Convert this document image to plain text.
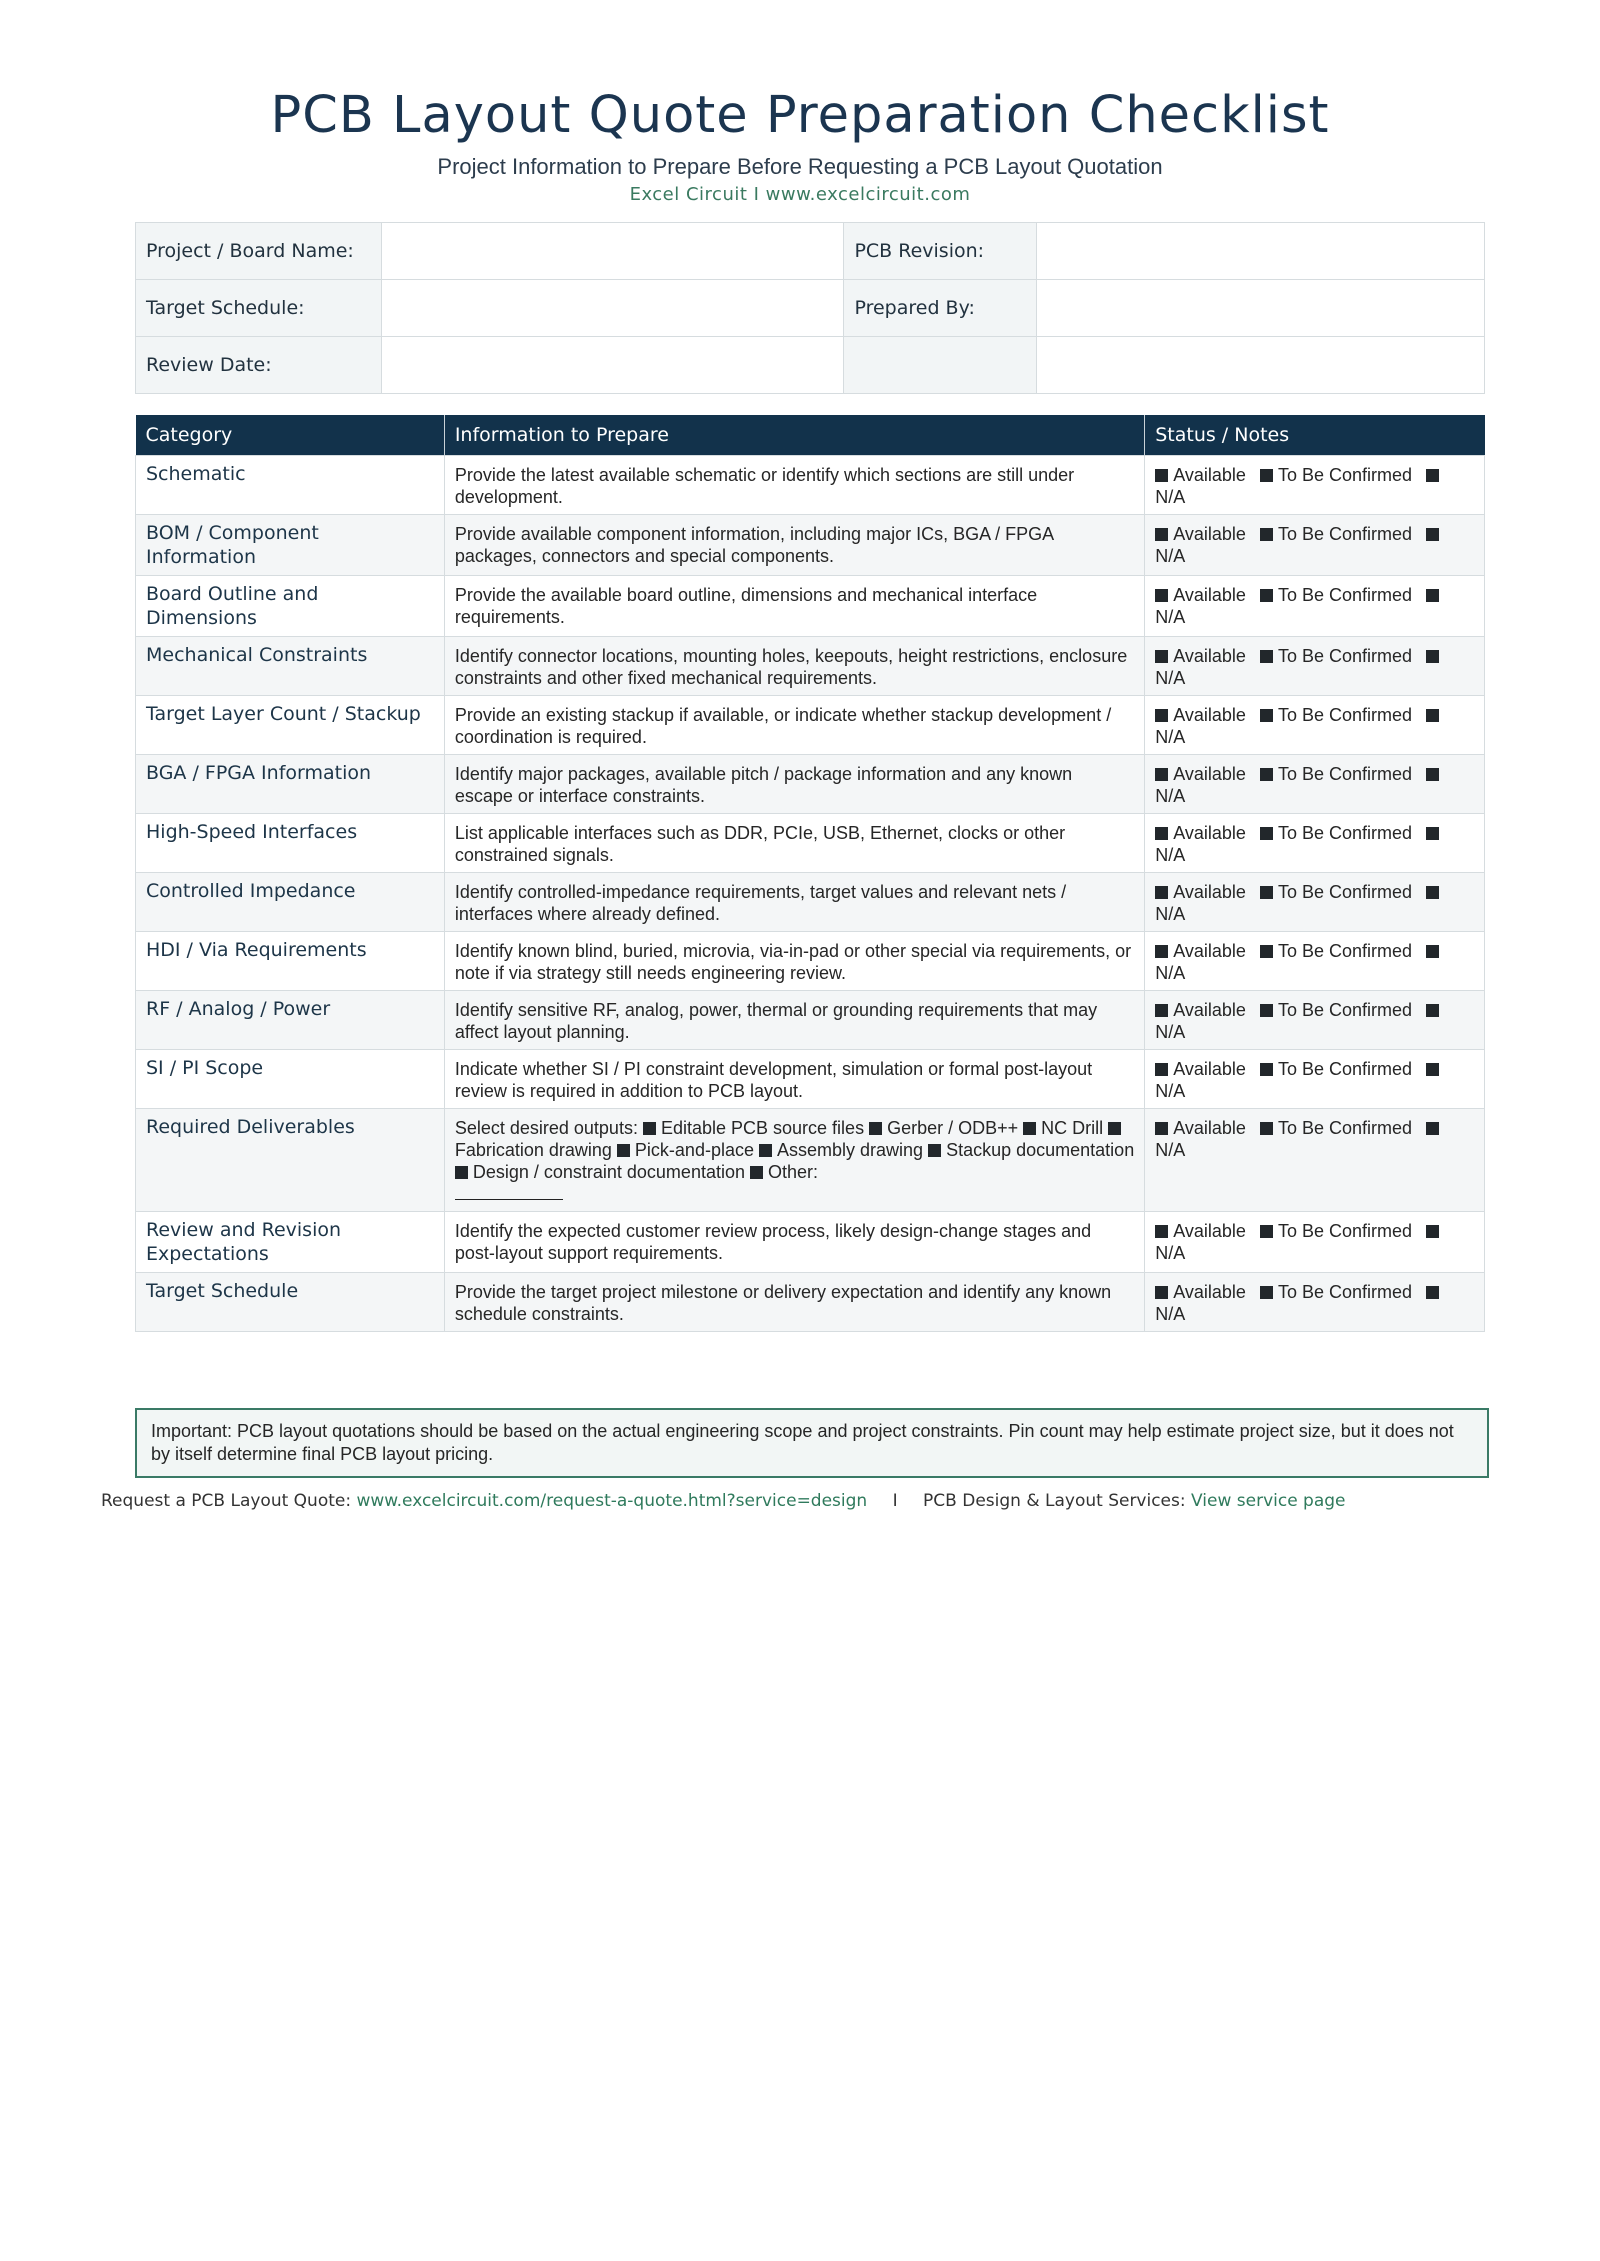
PCB Layout Quote Preparation Checklist
Project Information to Prepare Before Requesting a PCB Layout Quotation
Excel Circuit I www.excelcircuit.com
Project / Board Name:		PCB Revision:	
Target Schedule:		Prepared By:	
Review Date:			
Category	Information to Prepare	Status / Notes
Schematic	Provide the latest available schematic or identify which sections are still under development.	Available To Be ConfirmedN/A
BOM / Component Information	Provide available component information, including major ICs, BGA / FPGA packages, connectors and special components.	Available To Be ConfirmedN/A
Board Outline and Dimensions	Provide the available board outline, dimensions and mechanical interface requirements.	Available To Be ConfirmedN/A
Mechanical Constraints	Identify connector locations, mounting holes, keepouts, height restrictions, enclosure constraints and other fixed mechanical requirements.	Available To Be ConfirmedN/A
Target Layer Count / Stackup	Provide an existing stackup if available, or indicate whether stackup development / coordination is required.	Available To Be ConfirmedN/A
BGA / FPGA Information	Identify major packages, available pitch / package information and any known escape or interface constraints.	Available To Be ConfirmedN/A
High-Speed Interfaces	List applicable interfaces such as DDR, PCIe, USB, Ethernet, clocks or other constrained signals.	Available To Be ConfirmedN/A
Controlled Impedance	Identify controlled-impedance requirements, target values and relevant nets / interfaces where already defined.	Available To Be ConfirmedN/A
HDI / Via Requirements	Identify known blind, buried, microvia, via-in-pad or other special via requirements, or note if via strategy still needs engineering review.	Available To Be ConfirmedN/A
RF / Analog / Power	Identify sensitive RF, analog, power, thermal or grounding requirements that may affect layout planning.	Available To Be ConfirmedN/A
SI / PI Scope	Indicate whether SI / PI constraint development, simulation or formal post-layout review is required in addition to PCB layout.	Available To Be ConfirmedN/A
Required Deliverables	Select desired outputs: Editable PCB source files Gerber / ODB++ NC Drill Fabrication drawing Pick-and-place Assembly drawing Stackup documentation Design / constraint documentation Other:	Available To Be ConfirmedN/A
Review and Revision Expectations	Identify the expected customer review process, likely design-change stages and post-layout support requirements.	Available To Be ConfirmedN/A
Target Schedule	Provide the target project milestone or delivery expectation and identify any known schedule constraints.	Available To Be ConfirmedN/A
Important: PCB layout quotations should be based on the actual engineering scope and project constraints. Pin count may help estimate project size, but it does not by itself determine final PCB layout pricing.
Request a PCB Layout Quote: www.excelcircuit.com/request-a-quote.html?service=design I PCB Design & Layout Services: View service page
